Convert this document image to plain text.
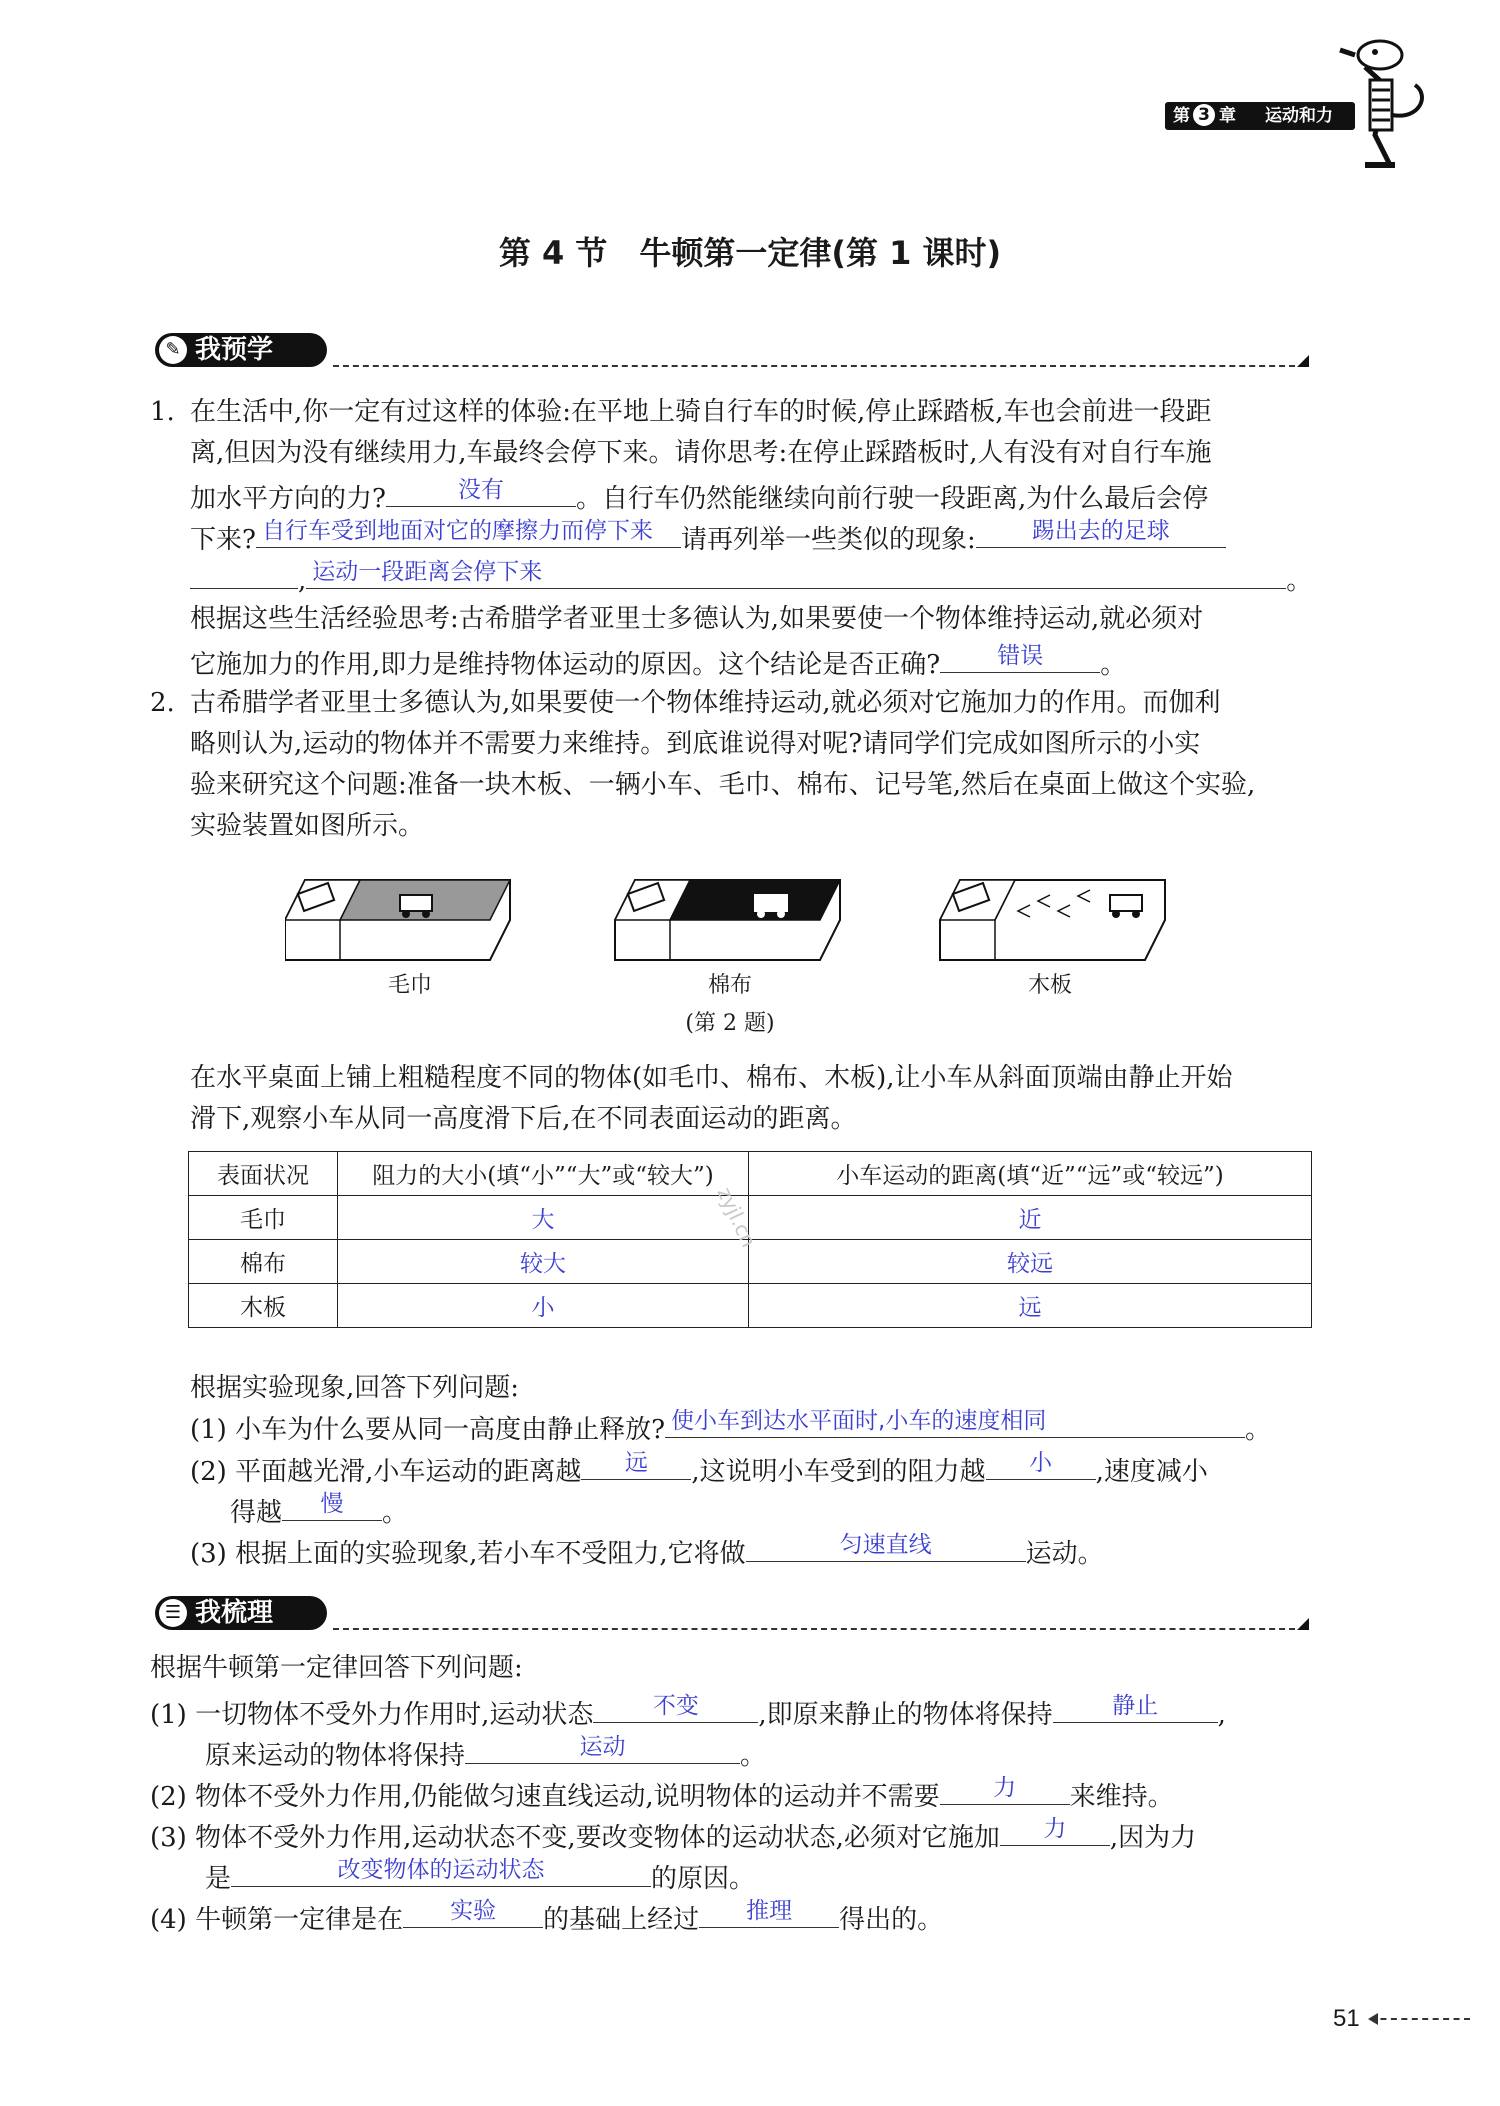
第 3 章 运动和力
第 4 节　牛顿第一定律(第 1 课时)
✎ 我预学
1. 在生活中,你一定有过这样的体验:在平地上骑自行车的时候,停止踩踏板,车也会前进一段距
离,但因为没有继续用力,车最终会停下来。请你思考:在停止踩踏板时,人有没有对自行车施
加水平方向的力?	没有	。自行车仍然能继续向前行驶一段距离,为什么最后会停
下来? 自行车受到地面对它的摩擦力而停下来	请再列举一些类似的现象:	踢出去的足球
, 运动一段距离会停下来	。
根据这些生活经验思考:古希腊学者亚里士多德认为,如果要使一个物体维持运动,就必须对
它施加力的作用,即力是维持物体运动的原因。这个结论是否正确?	错误	。
2. 古希腊学者亚里士多德认为,如果要使一个物体维持运动,就必须对它施加力的作用。而伽利
略则认为,运动的物体并不需要力来维持。到底谁说得对呢?请同学们完成如图所示的小实
验来研究这个问题:准备一块木板、一辆小车、毛巾、棉布、记号笔,然后在桌面上做这个实验,
实验装置如图所示。
毛巾	棉布	木板
(第 2 题)
在水平桌面上铺上粗糙程度不同的物体(如毛巾、棉布、木板),让小车从斜面顶端由静止开始
滑下,观察小车从同一高度滑下后,在不同表面运动的距离。
表面状况	阻力的大小(填“小”“大”或“较大”)	小车运动的距离(填“近”“远”或“较远”)
毛巾	大	近
棉布	较大	较远
木板	小	远
zyjl.cn
根据实验现象,回答下列问题:
(1) 小车为什么要从同一高度由静止释放? 使小车到达水平面时,小车的速度相同	。
(2) 平面越光滑,小车运动的距离越	远	,这说明小车受到的阻力越	小	,速度减小
得越	慢	。
(3) 根据上面的实验现象,若小车不受阻力,它将做	匀速直线	运动。
☰ 我梳理
根据牛顿第一定律回答下列问题:
(1) 一切物体不受外力作用时,运动状态	不变	,即原来静止的物体将保持	静止	,
原来运动的物体将保持	运动	。
(2) 物体不受外力作用,仍能做匀速直线运动,说明物体的运动并不需要	力	来维持。
(3) 物体不受外力作用,运动状态不变,要改变物体的运动状态,必须对它施加	力	,因为力
是	改变物体的运动状态	的原因。
(4) 牛顿第一定律是在	实验	的基础上经过	推理	得出的。
51
